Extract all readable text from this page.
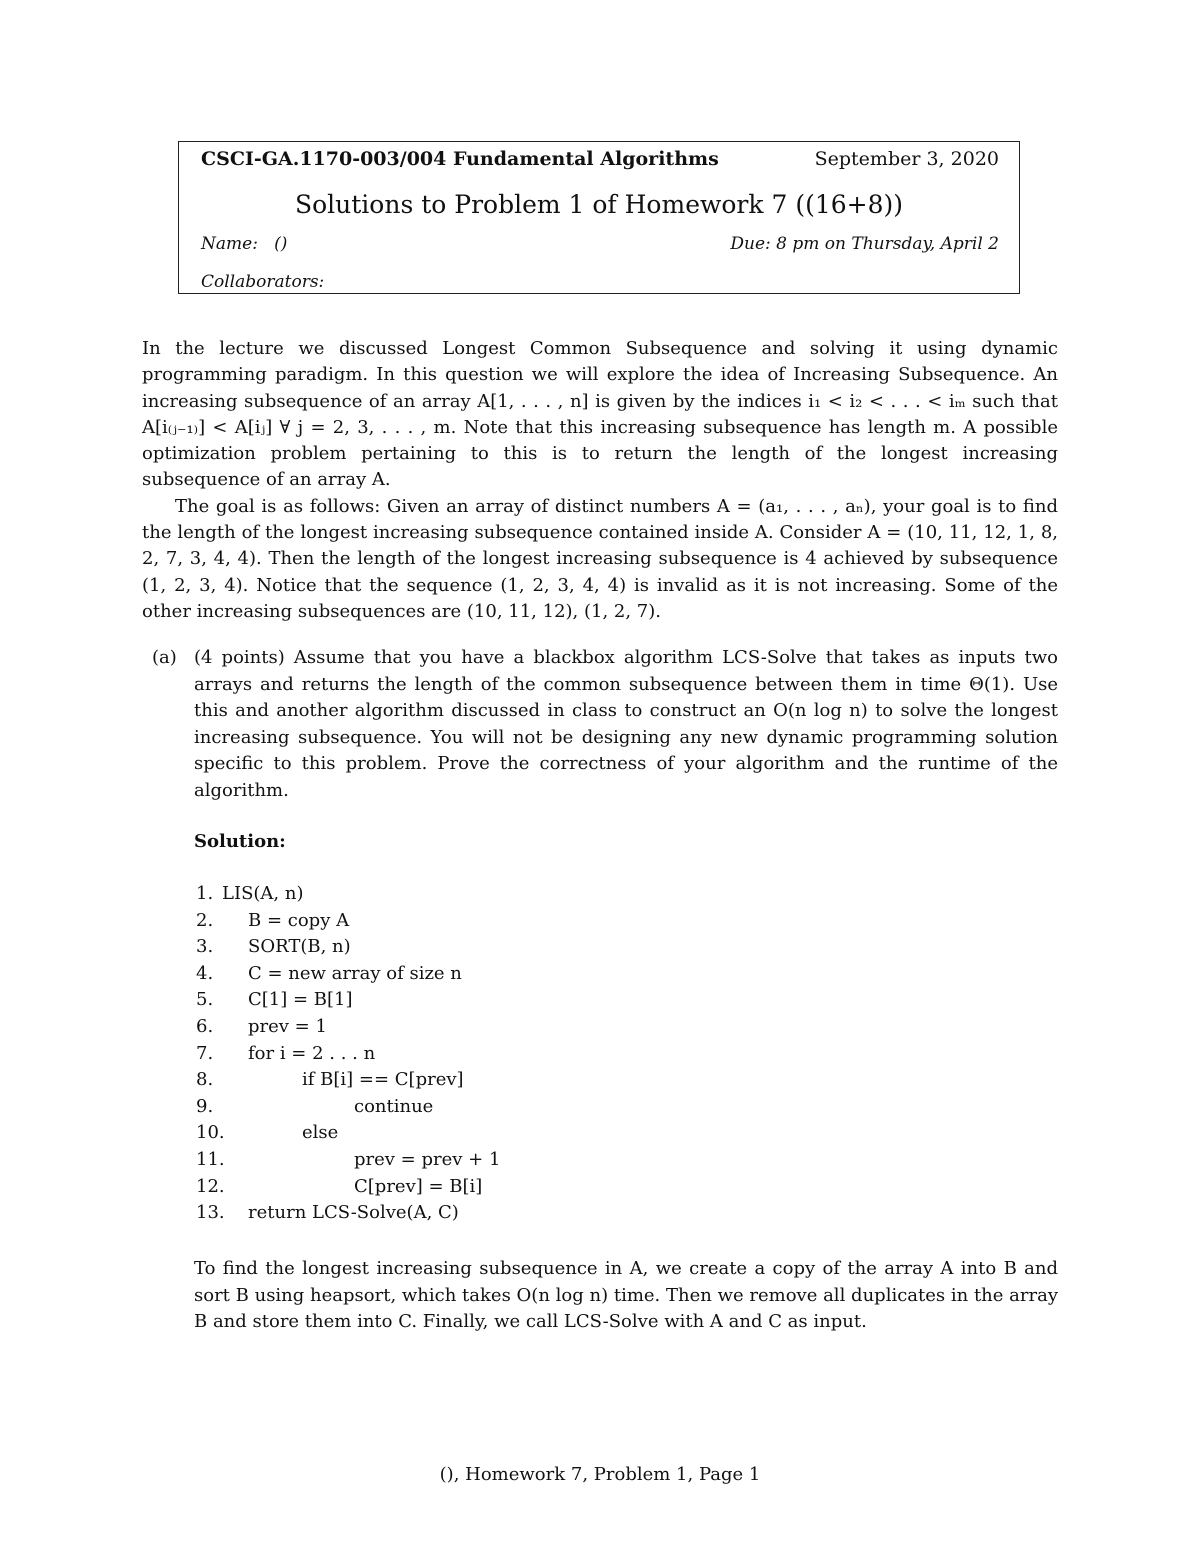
CSCI-GA.1170-003/004 Fundamental Algorithms	September 3, 2020
Solutions to Problem 1 of Homework 7 ((16+8))
Name: ()	Due: 8 pm on Thursday, April 2
Collaborators:

In the lecture we discussed Longest Common Subsequence and solving it using dynamic programming paradigm. In this question we will explore the idea of Increasing Subsequence. An increasing subsequence of an array A[1, . . . , n] is given by the indices i₁ < i₂ < . . . < iₘ such that A[i₍ⱼ₋₁₎] < A[iⱼ] ∀ j = 2, 3, . . . , m. Note that this increasing subsequence has length m. A possible optimization problem pertaining to this is to return the length of the longest increasing subsequence of an array A.

The goal is as follows: Given an array of distinct numbers A = (a₁, . . . , aₙ), your goal is to find the length of the longest increasing subsequence contained inside A. Consider A = (10, 11, 12, 1, 8, 2, 7, 3, 4, 4). Then the length of the longest increasing subsequence is 4 achieved by subsequence (1, 2, 3, 4). Notice that the sequence (1, 2, 3, 4, 4) is invalid as it is not increasing. Some of the other increasing subsequences are (10, 11, 12), (1, 2, 7).

(a) (4 points) Assume that you have a blackbox algorithm LCS-Solve that takes as inputs two arrays and returns the length of the common subsequence between them in time Θ(1). Use this and another algorithm discussed in class to construct an O(n log n) to solve the longest increasing subsequence. You will not be designing any new dynamic programming solution specific to this problem. Prove the correctness of your algorithm and the runtime of the algorithm.
Solution:
1. LIS(A, n)
2. B = copy A
3. SORT(B, n)
4. C = new array of size n
5. C[1] = B[1]
6. prev = 1
7. for i = 2 . . . n
8.	if B[i] == C[prev]
9.	continue
10.	else
11.	prev = prev + 1
12.	C[prev] = B[i]
13. return LCS-Solve(A, C)
To find the longest increasing subsequence in A, we create a copy of the array A into B and sort B using heapsort, which takes O(n log n) time. Then we remove all duplicates in the array B and store them into C. Finally, we call LCS-Solve with A and C as input.
(), Homework 7, Problem 1, Page 1
